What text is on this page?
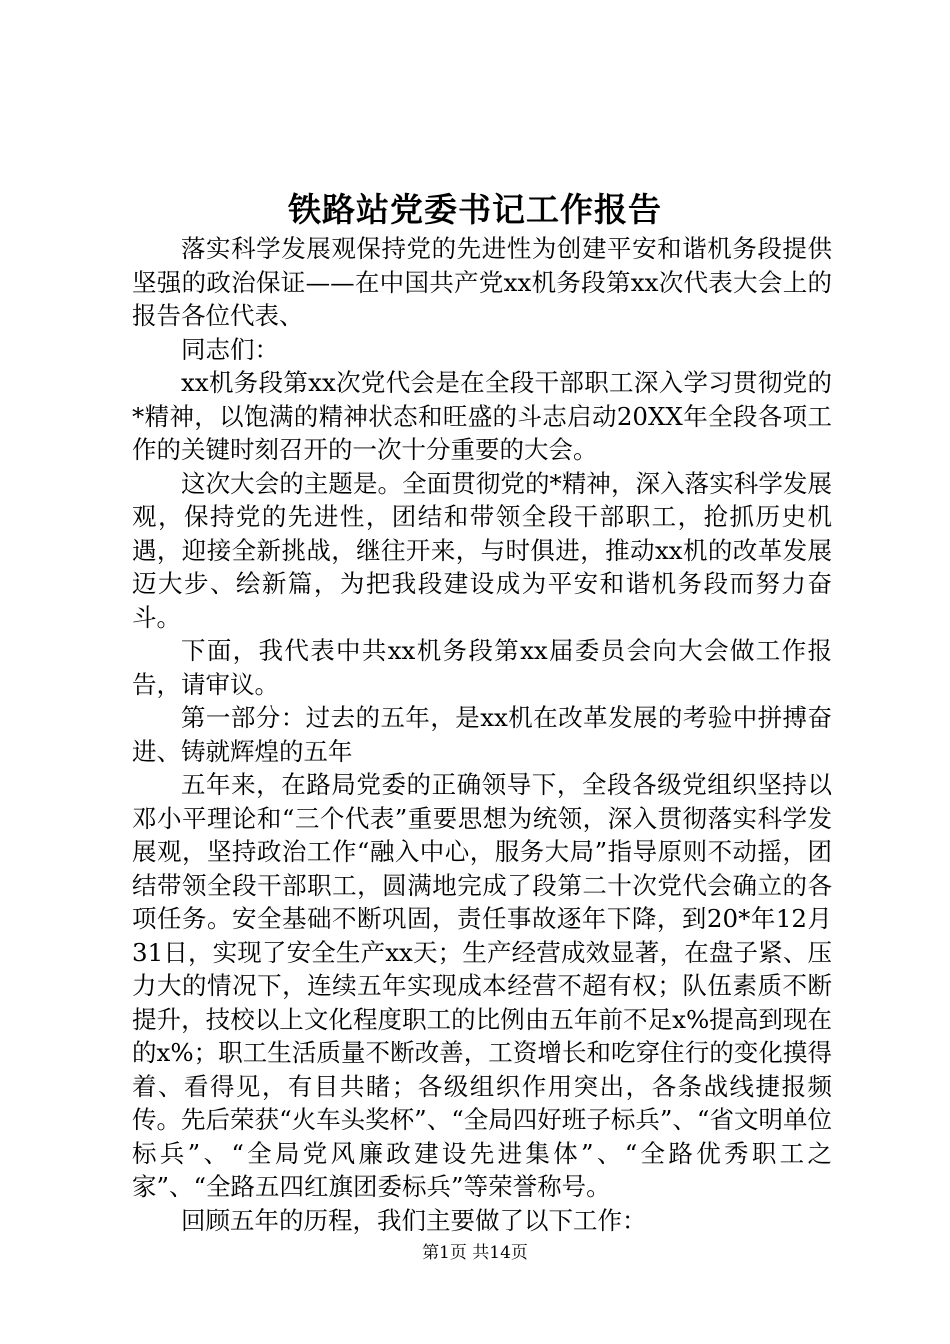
铁路站党委书记工作报告

落实科学发展观保持党的先进性为创建平安和谐机务段提供坚强的政治保证——在中国共产党xx机务段第xx次代表大会上的报告各位代表、

同志们：

xx机务段第xx次党代会是在全段干部职工深入学习贯彻党的*精神，以饱满的精神状态和旺盛的斗志启动20XX年全段各项工作的关键时刻召开的一次十分重要的大会。

这次大会的主题是。全面贯彻党的*精神，深入落实科学发展观，保持党的先进性，团结和带领全段干部职工，抢抓历史机遇，迎接全新挑战，继往开来，与时俱进，推动xx机的改革发展迈大步、绘新篇，为把我段建设成为平安和谐机务段而努力奋斗。

下面，我代表中共xx机务段第xx届委员会向大会做工作报告，请审议。

第一部分：过去的五年，是xx机在改革发展的考验中拼搏奋进、铸就辉煌的五年

五年来，在路局党委的正确领导下，全段各级党组织坚持以邓小平理论和“三个代表”重要思想为统领，深入贯彻落实科学发展观，坚持政治工作“融入中心，服务大局”指导原则不动摇，团结带领全段干部职工，圆满地完成了段第二十次党代会确立的各项任务。安全基础不断巩固，责任事故逐年下降，到20*年12月31日，实现了安全生产xx天；生产经营成效显著，在盘子紧、压力大的情况下，连续五年实现成本经营不超有权；队伍素质不断提升，技校以上文化程度职工的比例由五年前不足x%提高到现在的x%；职工生活质量不断改善，工资增长和吃穿住行的变化摸得着、看得见，有目共睹；各级组织作用突出，各条战线捷报频传。先后荣获“火车头奖杯”、“全局四好班子标兵”、“省文明单位标兵”、“全局党风廉政建设先进集体”、“全路优秀职工之家”、“全路五四红旗团委标兵”等荣誉称号。

回顾五年的历程，我们主要做了以下工作：

第1页 共14页
